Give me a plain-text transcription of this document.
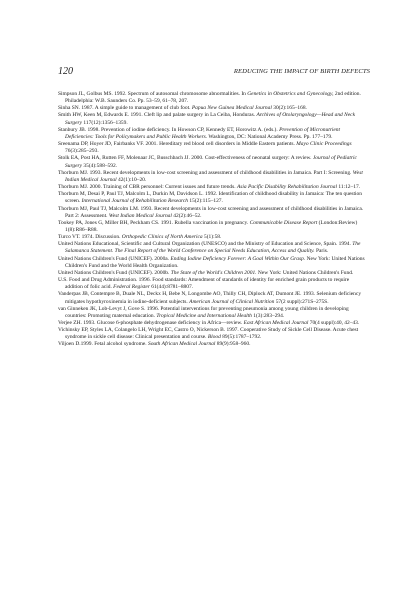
120	REDUCING THE IMPACT OF BIRTH DEFECTS
Simpson JL, Golbus MS. 1992. Spectrum of autosomal chromosome abnormalities. In Genetics in Obstetrics and Gynecology, 2nd edition. Philadelphia: W.B. Saunders Co. Pp. 53–59, 61–78, 207.
Sinha SN. 1987. A simple guide to management of club foot. Papua New Guinea Medical Journal 30(2):165–168.
Smith HW, Keen M, Edwards E. 1991. Cleft lip and palate surgery in La Ceiba, Honduras. Archives of Otolaryngology—Head and Neck Surgery 117(12):1356–1359.
Stanbury JB. 1998. Prevention of iodine deficiency. In Howson CP, Kennedy ET, Horowitz A. (eds.). Prevention of Micronutrient Deficiencies: Tools for Policymakers and Public Health Workers. Washington, DC: National Academy Press. Pp. 177–179.
Sreenama DP, Hoyer JD, Fairbanks VF. 2001. Hereditary red blood cell disorders in Middle Eastern patients. Mayo Clinic Proceedings 76(3):285–293.
Stolk EA, Post HA, Rutten FF, Molenaar JC, Busschbach JJ. 2000. Cost-effectiveness of neonatal surgery: A review. Journal of Pediatric Surgery 35(4):588–592.
Thorburn MJ. 1993. Recent developments in low-cost screening and assessment of childhood disabilities in Jamaica. Part I: Screening. West Indian Medical Journal 42(1):10–20.
Thorburn MJ. 2000. Training of CBR personnel: Current issues and future trends. Asia Pacific Disability Rehabilitation Journal 11:12–17.
Thorburn M, Desai P, Paul TJ, Malcolm L, Durkin M, Davidson L. 1992. Identification of childhood disability in Jamaica: The ten question screen. International Journal of Rehabilitation Research 15(2):115–127.
Thorburn MJ, Paul TJ, Malcolm LM. 1993. Recent developments in low-cost screening and assessment of childhood disabilities in Jamaica. Part 2: Assessment. West Indian Medical Journal 42(2):46–52.
Tookey PA, Jones G, Miller BH, Peckham CS. 1991. Rubella vaccination in pregnancy. Communicable Disease Report (London:Review) 1(8):R86–R88.
Turco VT. 1974. Discussion. Orthopedic Clinics of North America 5(1):58.
United Nations Educational, Scientific and Cultural Organization (UNESCO) and the Ministry of Education and Science, Spain. 1994. The Salamanca Statement. The Final Report of the World Conference on Special Needs Education, Access and Quality. Paris.
United Nations Children's Fund (UNICEF). 2000a. Ending Iodine Deficiency Forever: A Goal Within Our Grasp. New York: United Nations Children's Fund and the World Health Organization.
United Nations Children's Fund (UNICEF). 2000b. The State of the World's Children 2001. New York: United Nations Children's Fund.
U.S. Food and Drug Administration. 1996. Food standards: Amendment of standards of identity for enriched grain products to require addition of folic acid. Federal Register 61(44):8781–8807.
Vanderpas JB, Contempre B, Duale NL, Deckx H, Bebe N, Longombe AO, Thilly CH, Diplock AT, Dumont JE. 1993. Selenium deficiency mitigates hypothyroxinemia in iodine-deficient subjects. American Journal of Clinical Nutrition 57(2 suppl):271S–275S.
van Ginneken JK, Lob-Levyt J, Gove S. 1996. Potential interventions for preventing pneumonia among young children in developing countries: Promoting maternal education. Tropical Medicine and International Health 1(3):283–294.
Verjee ZH. 1993. Glucose 6-phosphate dehydrogenase deficiency in Africa—review. East African Medical Journal 70(4 suppl):40, 42–43.
Vichinsky EP, Styles LA, Colangelo LH, Wright EC, Castro O, Nickerson B. 1997. Cooperative Study of Sickle Cell Disease. Acute chest syndrome in sickle cell disease: Clinical presentation and course. Blood 89(5):1787–1792.
Viljoen D.1999. Fetal alcohol syndrome. South African Medical Journal 89(9):958–960.
